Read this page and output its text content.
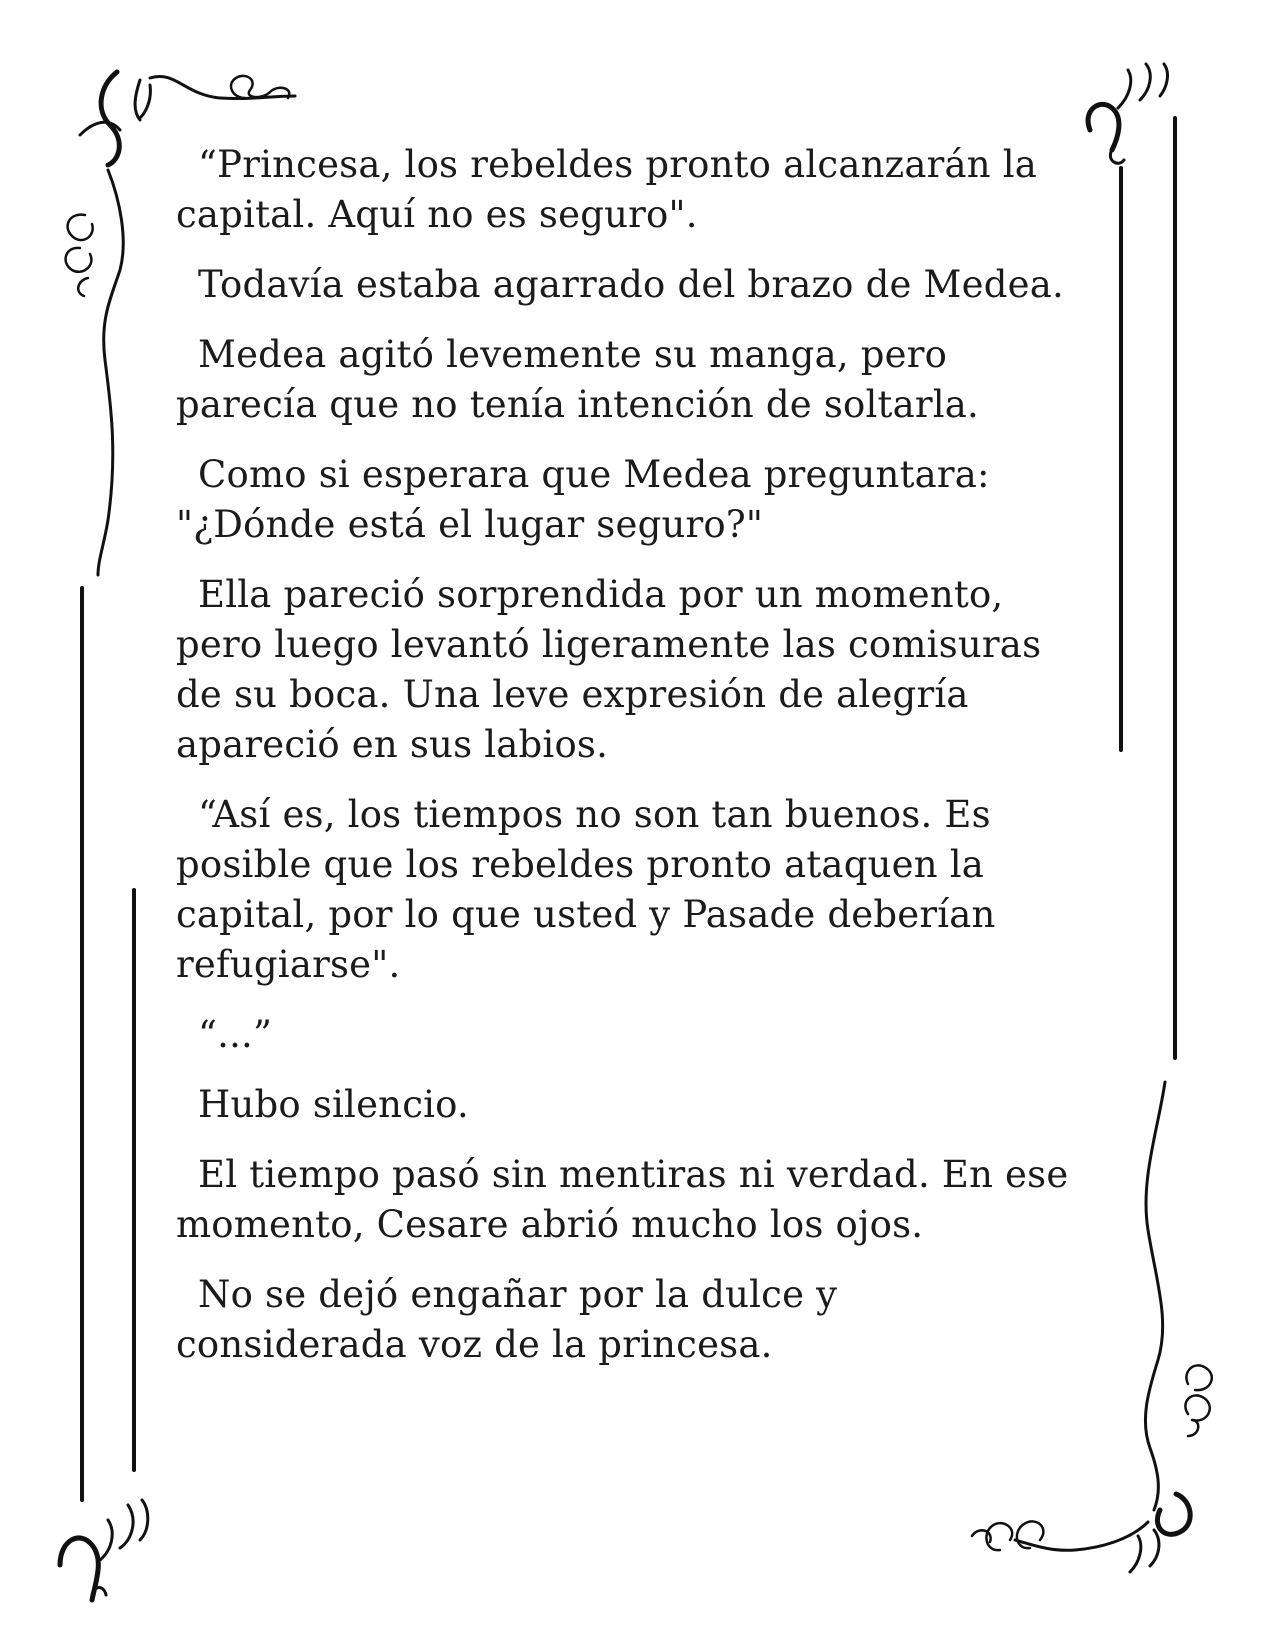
“Princesa, los rebeldes pronto alcanzarán la capital. Aquí no es seguro".

Todavía estaba agarrado del brazo de Medea.

Medea agitó levemente su manga, pero parecía que no tenía intención de soltarla.

Como si esperara que Medea preguntara: "¿Dónde está el lugar seguro?"

Ella pareció sorprendida por un momento, pero luego levantó ligeramente las comisuras de su boca. Una leve expresión de alegría apareció en sus labios.

“Así es, los tiempos no son tan buenos. Es posible que los rebeldes pronto ataquen la capital, por lo que usted y Pasade deberían refugiarse".

“...”

Hubo silencio.

El tiempo pasó sin mentiras ni verdad. En ese momento, Cesare abrió mucho los ojos.

No se dejó engañar por la dulce y considerada voz de la princesa.
